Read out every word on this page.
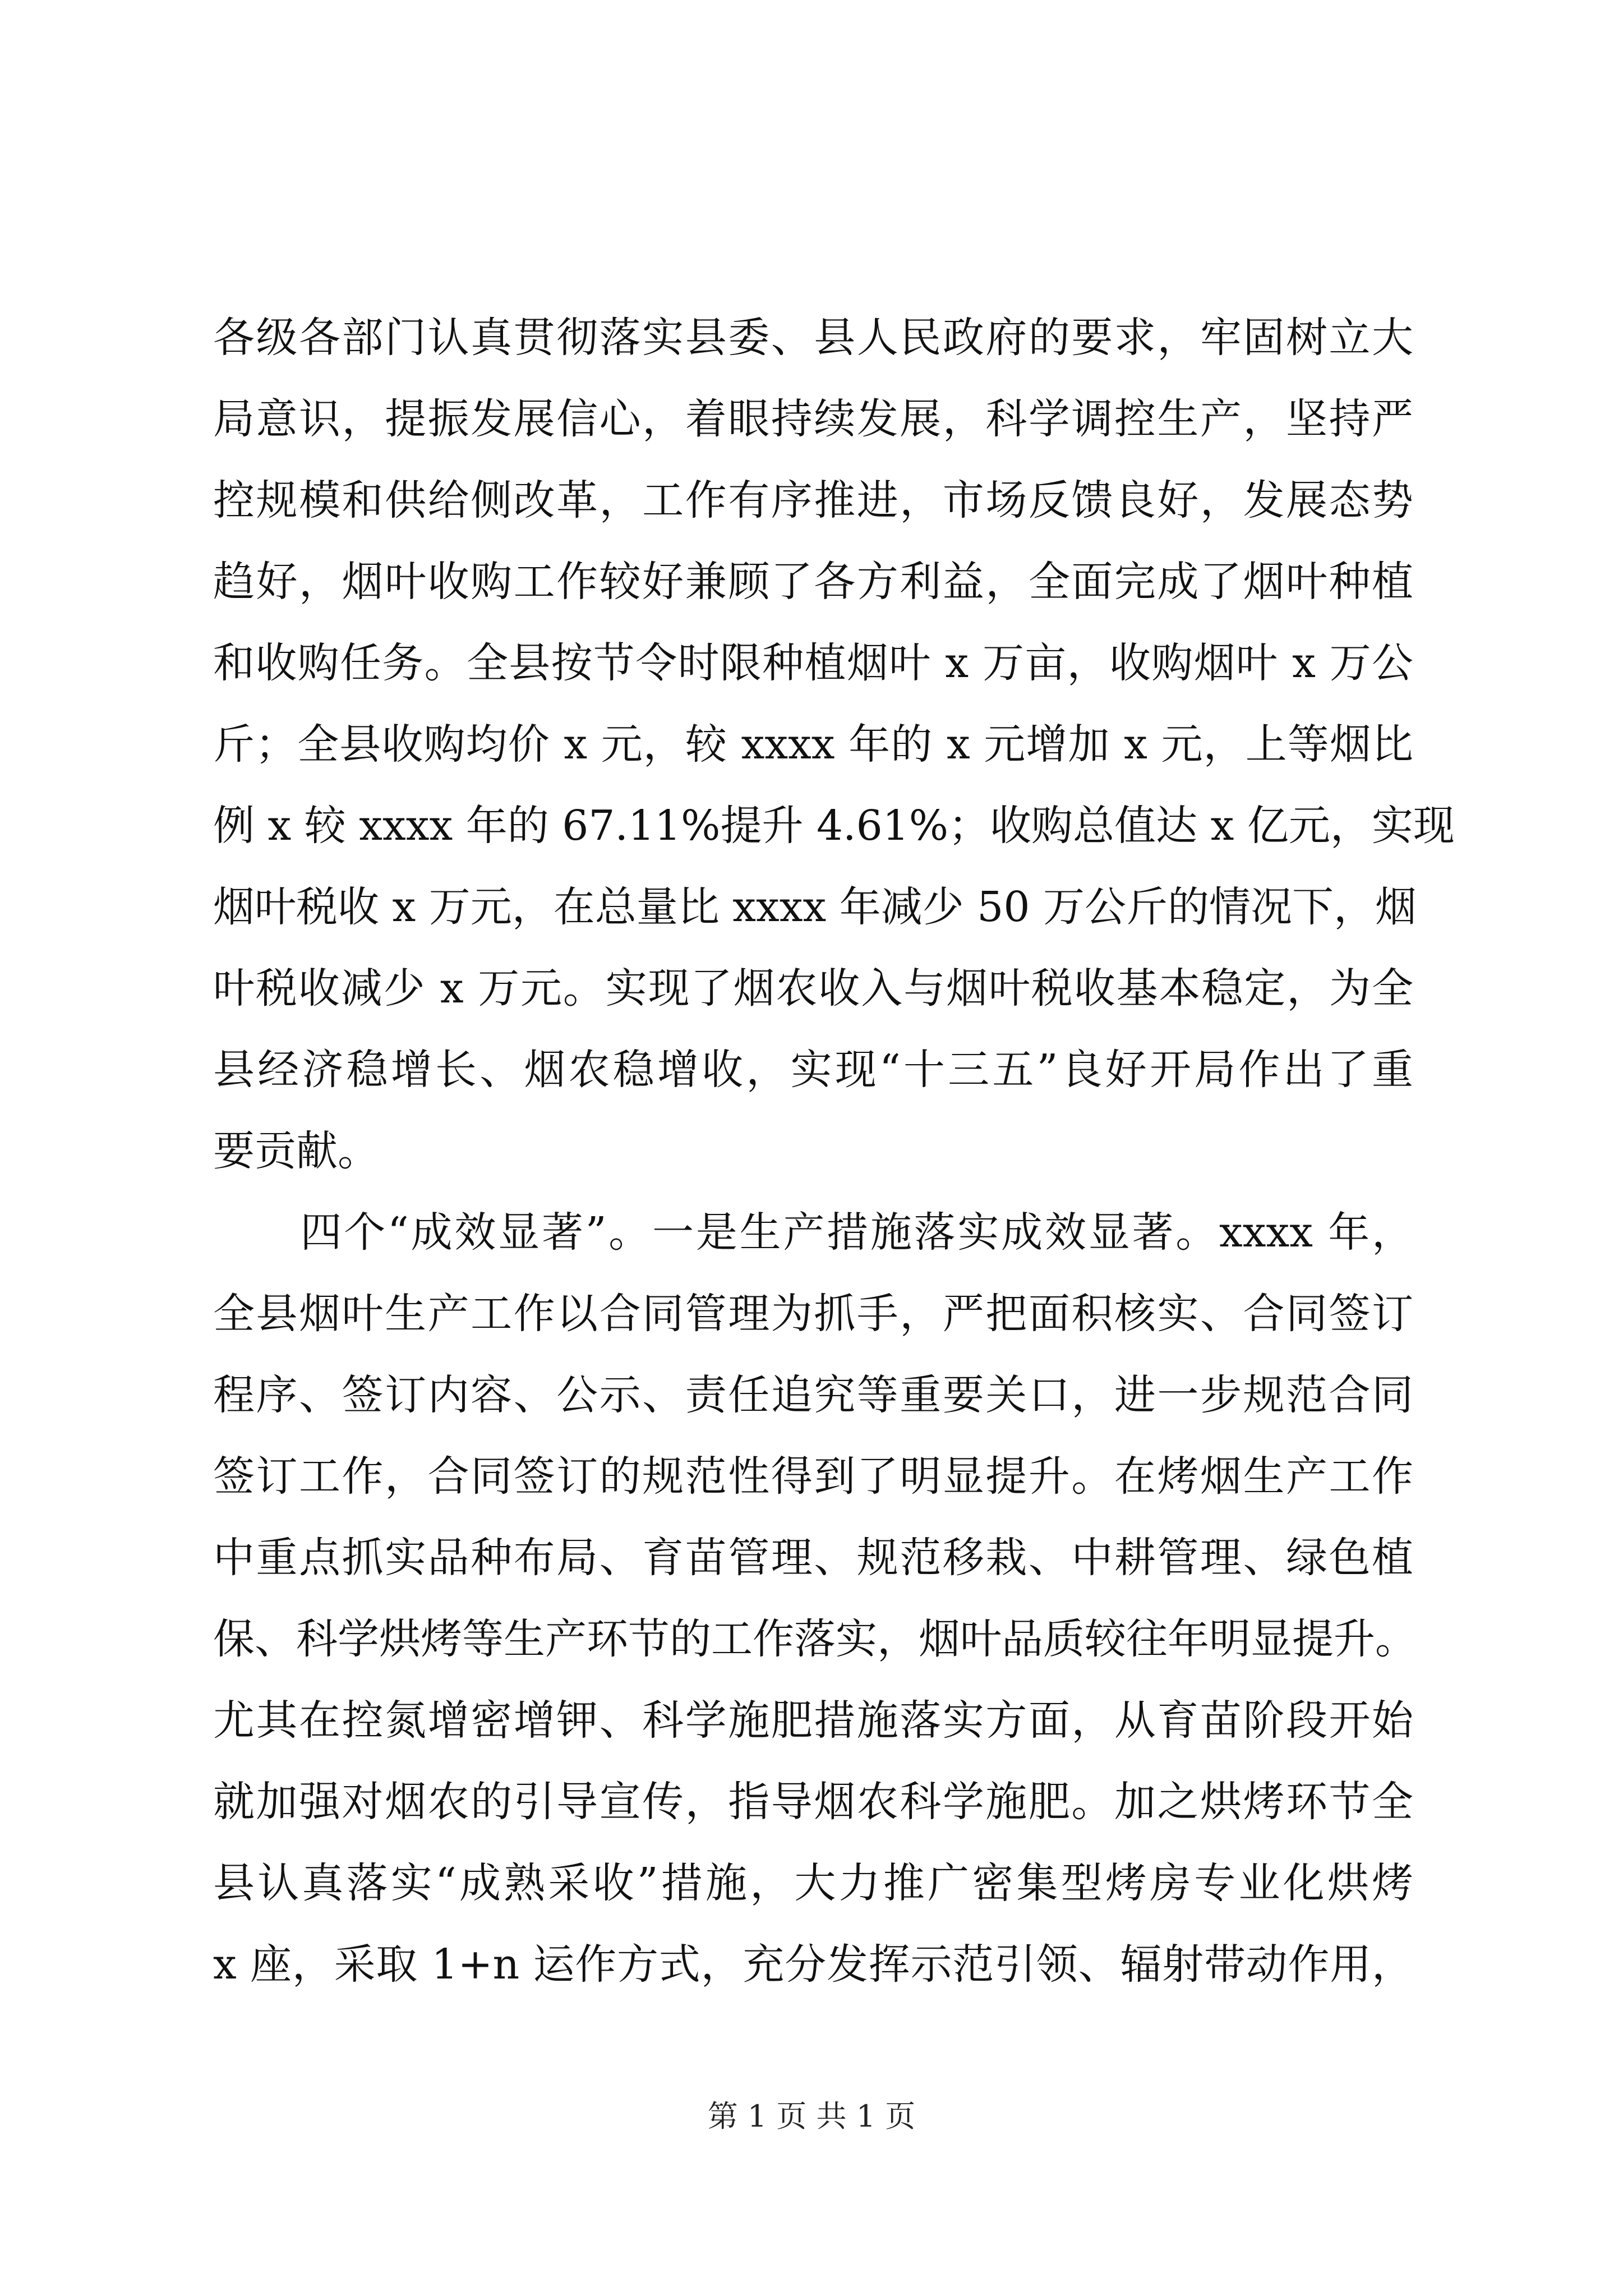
各级各部门认真贯彻落实县委、县人民政府的要求，牢固树立大
局意识，提振发展信心，着眼持续发展，科学调控生产，坚持严
控规模和供给侧改革，工作有序推进，市场反馈良好，发展态势
趋好，烟叶收购工作较好兼顾了各方利益，全面完成了烟叶种植
和收购任务。全县按节令时限种植烟叶 x 万亩，收购烟叶 x 万公
斤；全县收购均价 x 元，较 xxxx 年的 x 元增加 x 元，上等烟比
例 x 较 xxxx 年的 67.11%提升 4.61%；收购总值达 x 亿元，实现
烟叶税收 x 万元，在总量比 xxxx 年减少 50 万公斤的情况下，烟
叶税收减少 x 万元。实现了烟农收入与烟叶税收基本稳定，为全
县经济稳增长、烟农稳增收，实现“十三五”良好开局作出了重
要贡献。
　　四个“成效显著”。一是生产措施落实成效显著。xxxx 年，
全县烟叶生产工作以合同管理为抓手，严把面积核实、合同签订
程序、签订内容、公示、责任追究等重要关口，进一步规范合同
签订工作，合同签订的规范性得到了明显提升。在烤烟生产工作
中重点抓实品种布局、育苗管理、规范移栽、中耕管理、绿色植
保、科学烘烤等生产环节的工作落实，烟叶品质较往年明显提升。
尤其在控氮增密增钾、科学施肥措施落实方面，从育苗阶段开始
就加强对烟农的引导宣传，指导烟农科学施肥。加之烘烤环节全
县认真落实“成熟采收”措施，大力推广密集型烤房专业化烘烤
x 座，采取 1+n 运作方式，充分发挥示范引领、辐射带动作用，
第 1 页 共 1 页
